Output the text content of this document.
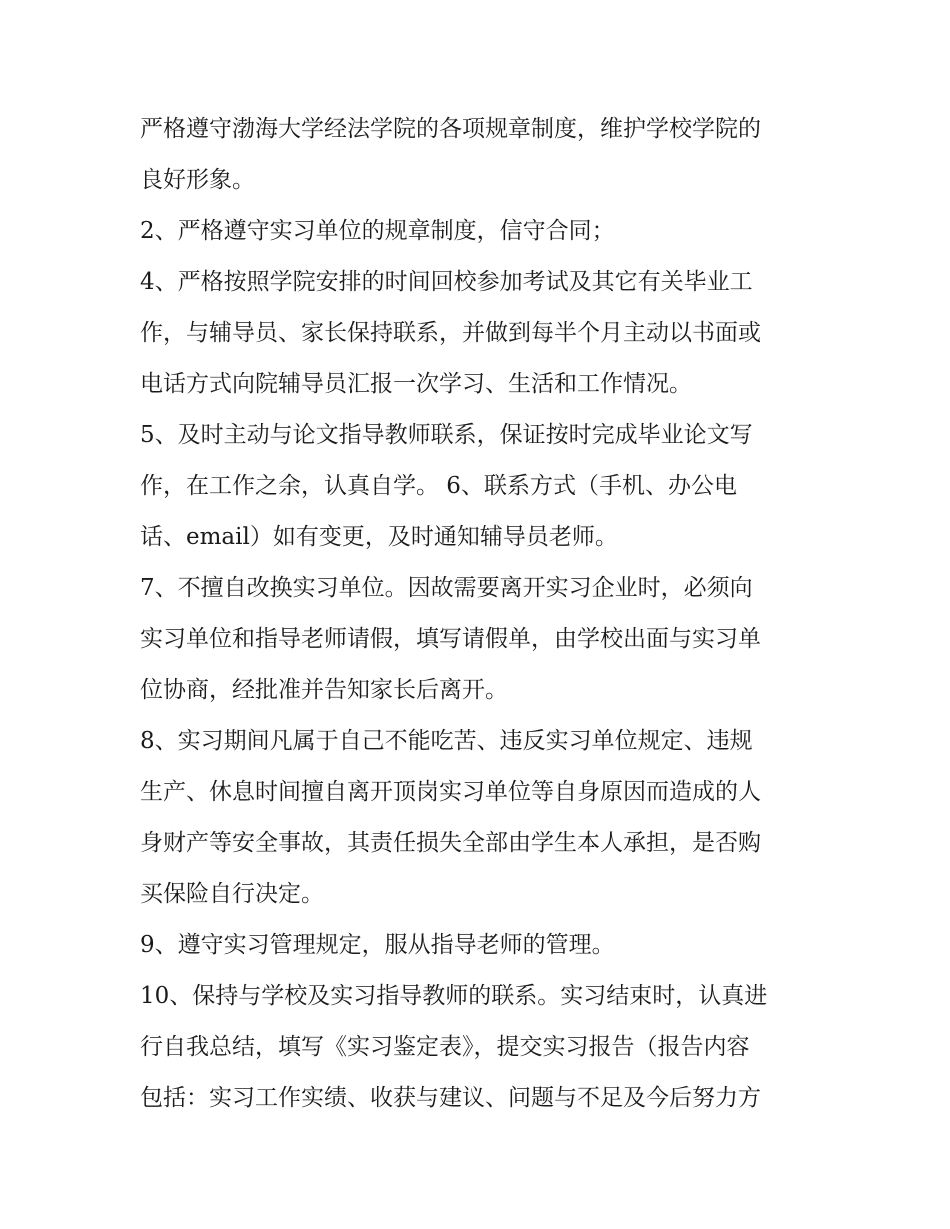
严格遵守渤海大学经法学院的各项规章制度，维护学校学院的
良好形象。
2、严格遵守实习单位的规章制度，信守合同；
4、严格按照学院安排的时间回校参加考试及其它有关毕业工
作，与辅导员、家长保持联系，并做到每半个月主动以书面或
电话方式向院辅导员汇报一次学习、生活和工作情况。
5、及时主动与论文指导教师联系，保证按时完成毕业论文写
作，在工作之余，认真自学。 6、联系方式（手机、办公电
话、email）如有变更，及时通知辅导员老师。
7、不擅自改换实习单位。因故需要离开实习企业时，必须向
实习单位和指导老师请假，填写请假单，由学校出面与实习单
位协商，经批准并告知家长后离开。
8、实习期间凡属于自己不能吃苦、违反实习单位规定、违规
生产、休息时间擅自离开顶岗实习单位等自身原因而造成的人
身财产等安全事故，其责任损失全部由学生本人承担，是否购
买保险自行决定。
9、遵守实习管理规定，服从指导老师的管理。
10、保持与学校及实习指导教师的联系。实习结束时，认真进
行自我总结，填写《实习鉴定表》，提交实习报告（报告内容
包括：实习工作实绩、收获与建议、问题与不足及今后努力方
